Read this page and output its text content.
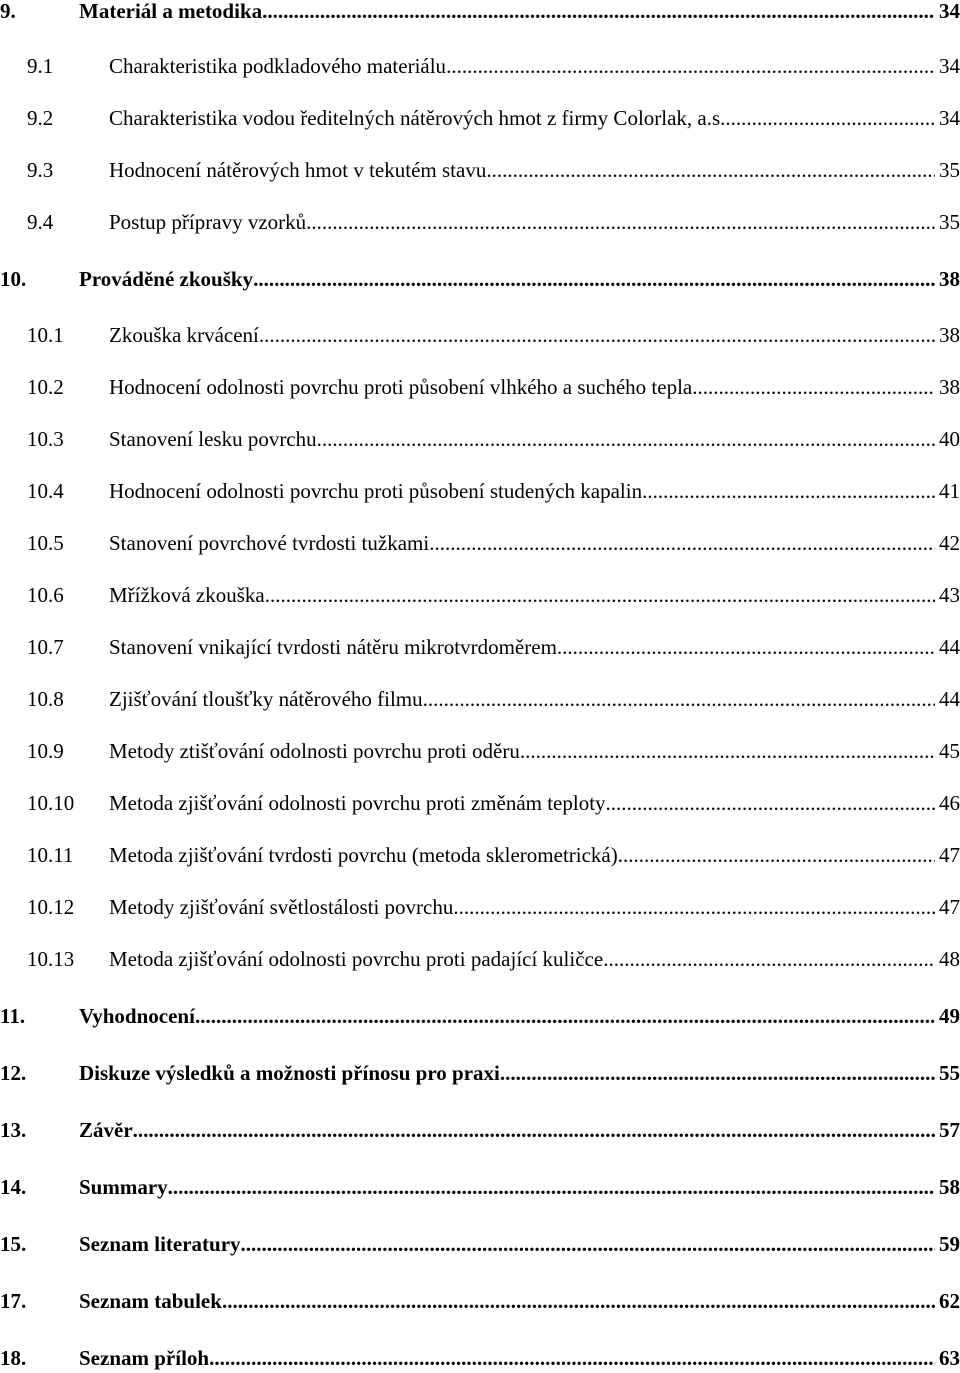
9.	Materiál a metodika .....	34
9.1	Charakteristika podkladového materiálu .....	34
9.2	Charakteristika vodou ředitelných nátěrových hmot z firmy Colorlak, a.s. .....	34
9.3	Hodnocení nátěrových hmot v tekutém stavu .....	35
9.4	Postup přípravy vzorků .....	35
10.	Prováděné zkoušky .....	38
10.1	Zkouška krvácení .....	38
10.2	Hodnocení odolnosti povrchu proti působení vlhkého a suchého tepla .....	38
10.3	Stanovení lesku povrchu .....	40
10.4	Hodnocení odolnosti povrchu proti působení studených kapalin .....	41
10.5	Stanovení povrchové tvrdosti tužkami .....	42
10.6	Mřížková zkouška .....	43
10.7	Stanovení vnikající tvrdosti nátěru mikrotvrdoměrem .....	44
10.8	Zjišťování tloušťky nátěrového filmu .....	44
10.9	Metody ztišťování odolnosti povrchu proti oděru .....	45
10.10	Metoda zjišťování odolnosti povrchu proti změnám teploty .....	46
10.11	Metoda zjišťování tvrdosti povrchu (metoda sklerometrická) .....	47
10.12	Metody zjišťování světlostálosti povrchu .....	47
10.13	Metoda zjišťování odolnosti povrchu proti padající kuličce .....	48
11.	Vyhodnocení .....	49
12.	Diskuze výsledků a možnosti přínosu pro praxi .....	55
13.	Závěr .....	57
14.	Summary .....	58
15.	Seznam literatury .....	59
17.	Seznam tabulek .....	62
18.	Seznam příloh .....	63
